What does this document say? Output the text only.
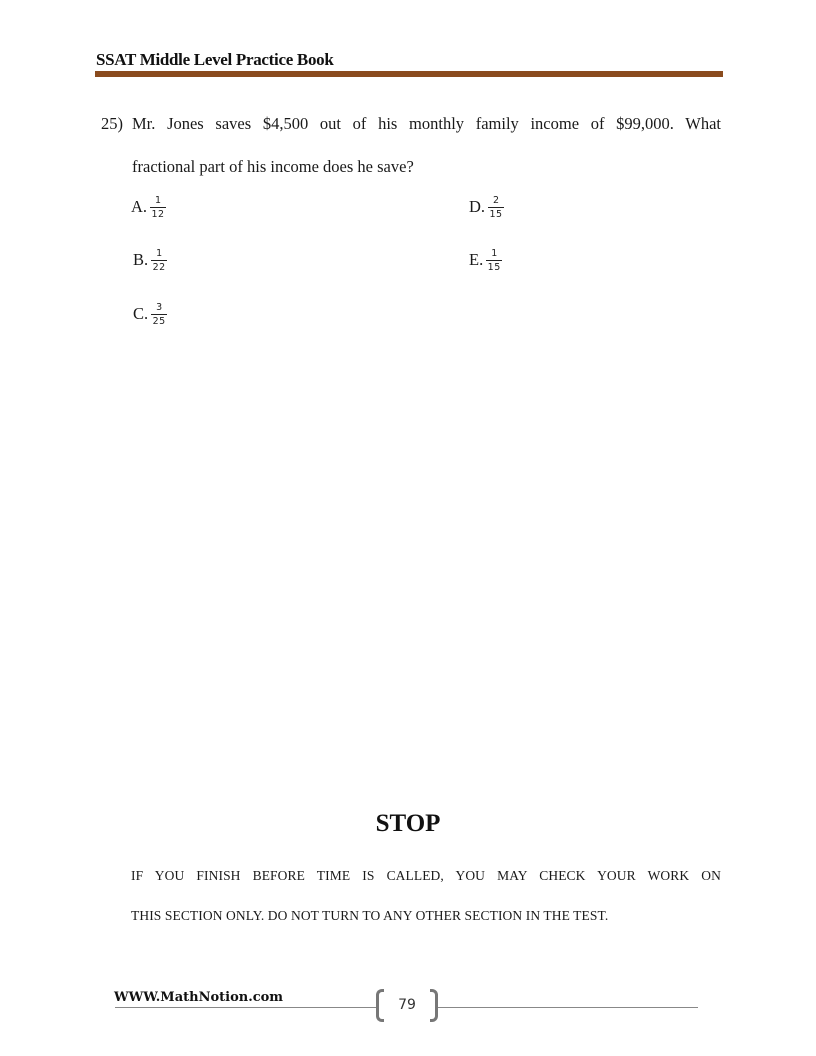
SSAT Middle Level Practice Book
25) Mr. Jones saves $4,500 out of his monthly family income of $99,000. What
fractional part of his income does he save?
A. $\frac{1}{12}$
B. $\frac{1}{22}$
C. $\frac{3}{25}$
D. $\frac{2}{15}$
E. $\frac{1}{15}$
STOP
IF YOU FINISH BEFORE TIME IS CALLED, YOU MAY CHECK YOUR WORK ON
THIS SECTION ONLY. DO NOT TURN TO ANY OTHER SECTION IN THE TEST.
WWW.MathNotion.com	79
